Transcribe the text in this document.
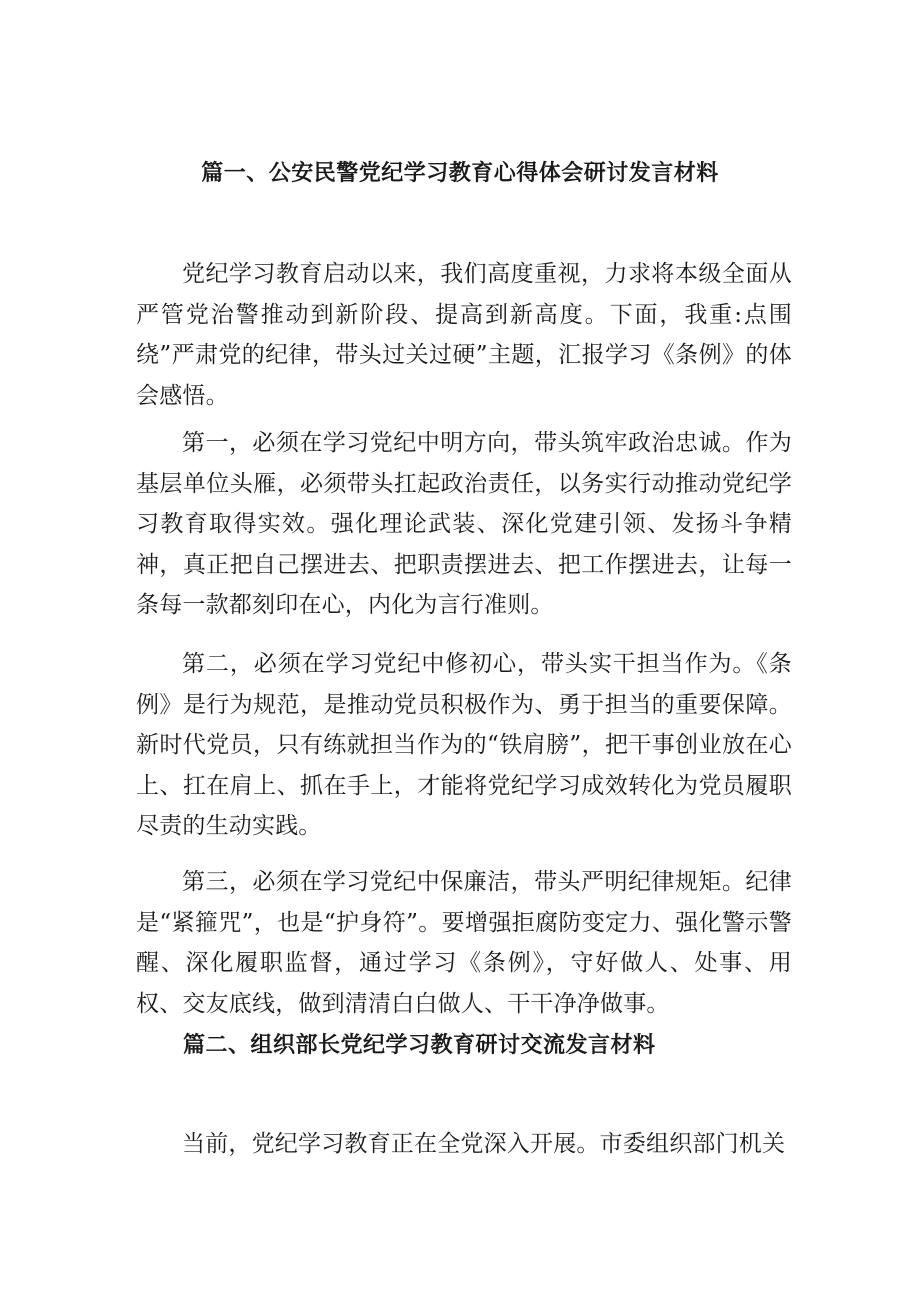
篇一、公安民警党纪学习教育心得体会研讨发言材料

党纪学习教育启动以来，我们高度重视，力求将本级全面从严管党治警推动到新阶段、提高到新高度。下面，我重:点围绕”严肃党的纪律，带头过关过硬”主题，汇报学习《条例》的体会感悟。

第一，必须在学习党纪中明方向，带头筑牢政治忠诚。作为基层单位头雁，必须带头扛起政治责任，以务实行动推动党纪学习教育取得实效。强化理论武装、深化党建引领、发扬斗争精神，真正把自己摆进去、把职责摆进去、把工作摆进去，让每一条每一款都刻印在心，内化为言行准则。

第二，必须在学习党纪中修初心，带头实干担当作为。《条例》是行为规范，是推动党员积极作为、勇于担当的重要保障。新时代党员，只有练就担当作为的“铁肩膀”，把干事创业放在心上、扛在肩上、抓在手上，才能将党纪学习成效转化为党员履职尽责的生动实践。

第三，必须在学习党纪中保廉洁，带头严明纪律规矩。纪律是“紧箍咒”，也是“护身符”。要增强拒腐防变定力、强化警示警醒、深化履职监督，通过学习《条例》，守好做人、处事、用权、交友底线，做到清清白白做人、干干净净做事。

篇二、组织部长党纪学习教育研讨交流发言材料

当前，党纪学习教育正在全党深入开展。市委组织部门机关
